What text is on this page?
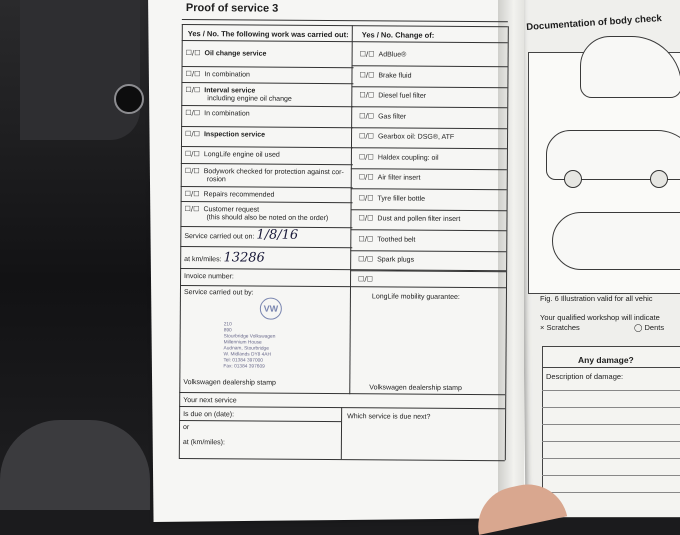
Proof of service 3
Yes / No. The following work was carried out: Yes / No. Change of:
☐/☐ Oil change service
☐/☐ In combination
☐/☐ Interval service
including engine oil change
☐/☐ In combination
☐/☐ Inspection service
☐/☐ LongLife engine oil used
☐/☐ Bodywork checked for protection against cor-
rosion
☐/☐ Repairs recommended
☐/☐ Customer request
(this should also be noted on the order)
☐/☐ AdBlue®
☐/☐ Brake fluid
☐/☐ Diesel fuel filter
☐/☐ Gas filter
☐/☐ Gearbox oil: DSG®, ATF
☐/☐ Haldex coupling: oil
☐/☐ Air filter insert
☐/☐ Tyre filler bottle
☐/☐ Dust and pollen filter insert
☐/☐ Toothed belt
☐/☐ Spark plugs
☐/☐
Service carried out on: 1/8/16
at km/miles: 13286
Invoice number:
Service carried out by:
LongLife mobility guarantee:
VW
210
890
Stourbridge Volkswagen
Millennium House
Audnam, Stourbridge
W. Midlands DY8 4AH
Tel: 01384 397000
Fax: 01384 397609
Volkswagen dealership stamp
Volkswagen dealership stamp
Your next service
Is due on (date):	Which service is due next?
or
at (km/miles):
Documentation of body check
Fig. 6 Illustration valid for all vehic
Your qualified workshop will indicate
× Scratches	◯ Dents
Any damage?
Description of damage:
